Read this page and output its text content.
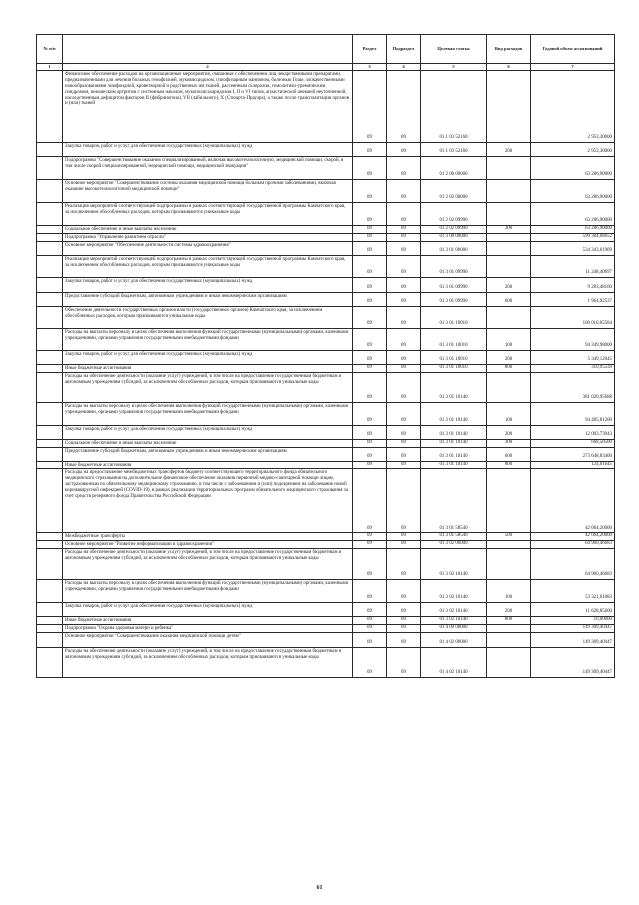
№ п/п		Раздел	Подраздел	Целевая статья	Вид расходов	Годовой объем ассигнований
1	2	3	4	5	6	7
	Финансовое обеспечение расходов на организационные мероприятия, связанные с обеспечением лиц лекарственными препаратами, предназначенными для лечения больных гемофилией, муковисцидозом, гипофизарным нанизмом, болезнью Гоше, злокачественными новообразованиями лимфоидной, кроветворной и родственных им тканей, рассеянным склерозом, гемолитико-уремическим синдромом, юношеским артритом с системным началом, мукополисахаридозом I, II и VI типов, апластической анемией неуточненной, наследственным дефицитом факторов II (фибриногена), VII (лабильного), X (Стюарта-Прауэра), а также после трансплантации органов и (или) тканей	09	09	01 1 03 52160		2 953,30000
	Закупка товаров, работ и услуг для обеспечения государственных (муниципальных) нужд	09	09	01 1 03 52160	200	2 953,30000
	Подпрограмма "Совершенствование оказания специализированной, включая высокотехнологичную, медицинской помощи, скорой, в том числе скорой специализированной, медицинской помощи, медицинской эвакуации"	09	09	01 2 00 00000		63 286,90000
	Основное мероприятие "Совершенствование системы оказания медицинской помощи больным прочими заболеваниями, включая оказание высокотехнологичной медицинской помощи"	09	09	01 2 02 00000		63 286,90000
	Реализация мероприятий соответствующей подпрограммы в рамках соответствующей государственной программы Камчатского края, за исключением обособленных расходов, которым присваиваются уникальные коды	09	09	01 2 02 09990		63 286,90000
	Социальное обеспечение и иные выплаты населению	09	09	01 2 02 09990	300	63 286,90000
	Подпрограмма "Управление развитием отрасли"	09	09	01 3 00 00000		599 304,08652
	Основное мероприятие "Обеспечение деятельности системы здравоохранения"	09	09	01 3 01 00000		534 343,61969
	Реализация мероприятий соответствующей подпрограммы в рамках соответствующей государственной программы Камчатского края, за исключением обособленных расходов, которым присваиваются уникальные коды	09	09	01 3 01 09990		11 248,40697
	Закупка товаров, работ и услуг для обеспечения государственных (муниципальных) нужд	09	09	01 3 01 09990	200	9 283,48160
	Предоставление субсидий бюджетным, автономным учреждениям и иным некоммерческим организациям	09	09	01 3 01 09990	600	1 964,92537
	Обеспечение деятельности государственных органов власти (государственных органов) Камчатского края, за исключением обособленных расходов, которым присваиваются уникальные коды	09	09	01 3 01 10010		100 010,05584
	Расходы на выплаты персоналу в целях обеспечения выполнения функций государственными (муниципальными) органами, казенными учреждениями, органами управления государственными внебюджетными фондами	09	09	01 3 01 10010	100	94 349,98000
	Закупка товаров, работ и услуг для обеспечения государственных (муниципальных) нужд	09	09	01 3 01 10010	200	5 349,12045
	Иные бюджетные ассигнования	09	09	01 3 01 10010	800	310,95539
	Расходы на обеспечение деятельности (оказание услуг) учреждений, в том числе на предоставление государственным бюджетным и автономным учреждениям субсидий, за исключением обособленных расходов, которым присваиваются уникальные коды	09	09	01 3 01 10140		381 020,95688
	Расходы на выплаты персоналу в целях обеспечения выполнения функций государственными (муниципальными) органами, казенными учреждениями, органами управления государственными внебюджетными фондами	09	09	01 3 01 10140	100	94 485,81200
	Закупка товаров, работ и услуг для обеспечения государственных (муниципальных) нужд	09	09	01 3 01 10140	200	12 093,73943
	Социальное обеспечение и иные выплаты населению	09	09	01 3 01 10140	300	668,58500
	Предоставление субсидий бюджетным, автономным учреждениям и иным некоммерческим организациям	09	09	01 3 01 10140	600	273 648,83400
	Иные бюджетные ассигнования	09	09	01 3 01 10140	800	124,01645
	Расходы на предоставление межбюджетных трансфертов бюджету соответствующего территориального фонда обязательного медицинского страхования на дополнительное финансовое обеспечение оказания первичной медико-санитарной помощи лицам, застрахованным по обязательному медицинскому страхованию, в том числе с заболеванием и (или) подозрением на заболевание новой коронавирусной инфекцией (COVID-19), в рамках реализации территориальных программ обязательного медицинского страхования за счет средств резервного фонда Правительства Российской Федерации	09	09	01 3 01 58540		42 064,20000
	Межбюджетные трансферты	09	09	01 3 01 58540	500	42 064,20000
	Основное мероприятие "Развитие информатизации в здравоохранении"	09	09	01 3 02 00000		64 960,46683
	Расходы на обеспечение деятельности (оказание услуг) учреждений, в том числе на предоставление государственным бюджетным и автономным учреждениям субсидий, за исключением обособленных расходов, которым присваиваются уникальные коды	09	09	01 3 02 10140		64 960,46683
	Расходы на выплаты персоналу в целях обеспечения выполнения функций государственными (муниципальными) органами, казенными учреждениями, органами управления государственными внебюджетными фондами	09	09	01 3 02 10140	100	53 321,61083
	Закупка товаров, работ и услуг для обеспечения государственных (муниципальных) нужд	09	09	01 3 02 10140	200	11 628,85600
	Иные бюджетные ассигнования	09	09	01 3 02 10140	800	10,00000
	Подпрограмма "Охрана здоровья матери и ребенка"	09	09	01 4 00 00000		149 309,40447
	Основное мероприятие "Совершенствование оказания медицинской помощи детям"	09	09	01 4 02 00000		149 309,40447
	Расходы на обеспечение деятельности (оказание услуг) учреждений, в том числе на предоставление государственным бюджетным и автономным учреждениям субсидий, за исключением обособленных расходов, которым присваиваются уникальные коды	09	09	01 4 02 10140		149 309,40447
61
